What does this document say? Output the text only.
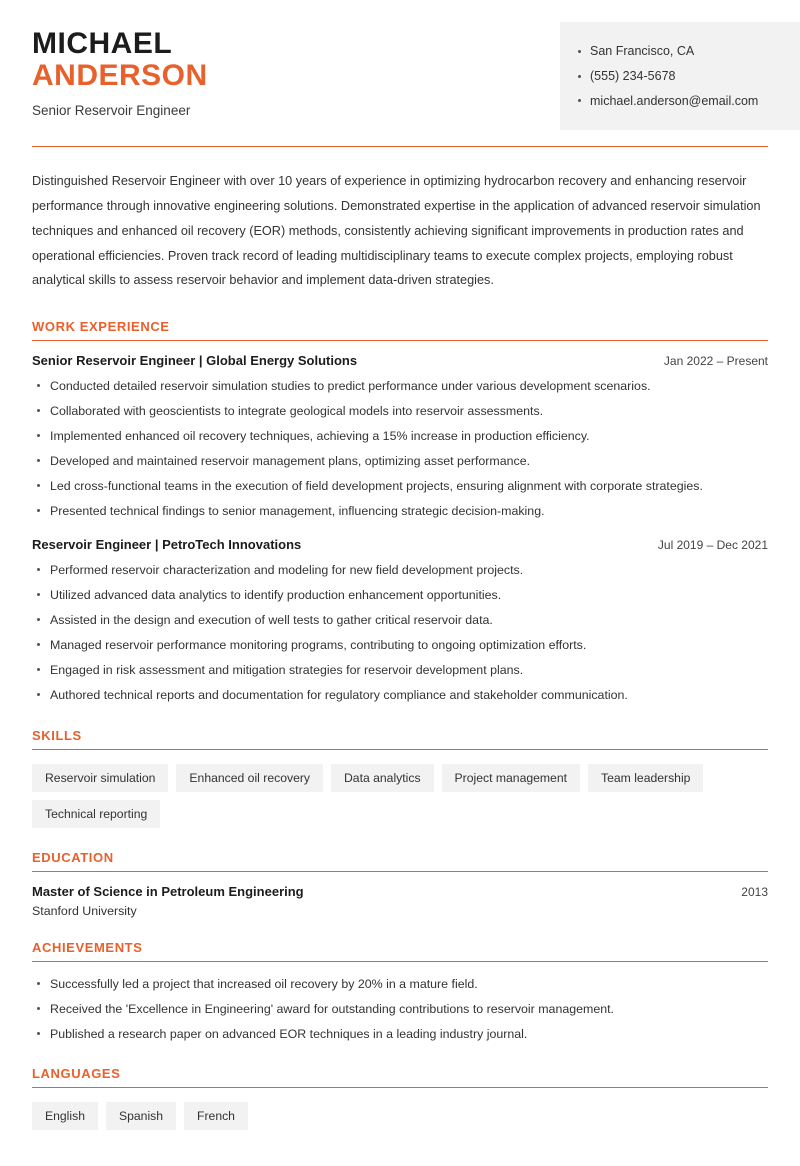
MICHAEL
ANDERSON
Senior Reservoir Engineer
San Francisco, CA
(555) 234-5678
michael.anderson@email.com
Distinguished Reservoir Engineer with over 10 years of experience in optimizing hydrocarbon recovery and enhancing reservoir performance through innovative engineering solutions. Demonstrated expertise in the application of advanced reservoir simulation techniques and enhanced oil recovery (EOR) methods, consistently achieving significant improvements in production rates and operational efficiencies. Proven track record of leading multidisciplinary teams to execute complex projects, employing robust analytical skills to assess reservoir behavior and implement data-driven strategies.
WORK EXPERIENCE
Senior Reservoir Engineer | Global Energy Solutions	Jan 2022 – Present
Conducted detailed reservoir simulation studies to predict performance under various development scenarios.
Collaborated with geoscientists to integrate geological models into reservoir assessments.
Implemented enhanced oil recovery techniques, achieving a 15% increase in production efficiency.
Developed and maintained reservoir management plans, optimizing asset performance.
Led cross-functional teams in the execution of field development projects, ensuring alignment with corporate strategies.
Presented technical findings to senior management, influencing strategic decision-making.
Reservoir Engineer | PetroTech Innovations	Jul 2019 – Dec 2021
Performed reservoir characterization and modeling for new field development projects.
Utilized advanced data analytics to identify production enhancement opportunities.
Assisted in the design and execution of well tests to gather critical reservoir data.
Managed reservoir performance monitoring programs, contributing to ongoing optimization efforts.
Engaged in risk assessment and mitigation strategies for reservoir development plans.
Authored technical reports and documentation for regulatory compliance and stakeholder communication.
SKILLS
Reservoir simulation	Enhanced oil recovery	Data analytics	Project management	Team leadership
Technical reporting
EDUCATION
Master of Science in Petroleum Engineering	2013
Stanford University
ACHIEVEMENTS
Successfully led a project that increased oil recovery by 20% in a mature field.
Received the 'Excellence in Engineering' award for outstanding contributions to reservoir management.
Published a research paper on advanced EOR techniques in a leading industry journal.
LANGUAGES
English	Spanish	French
